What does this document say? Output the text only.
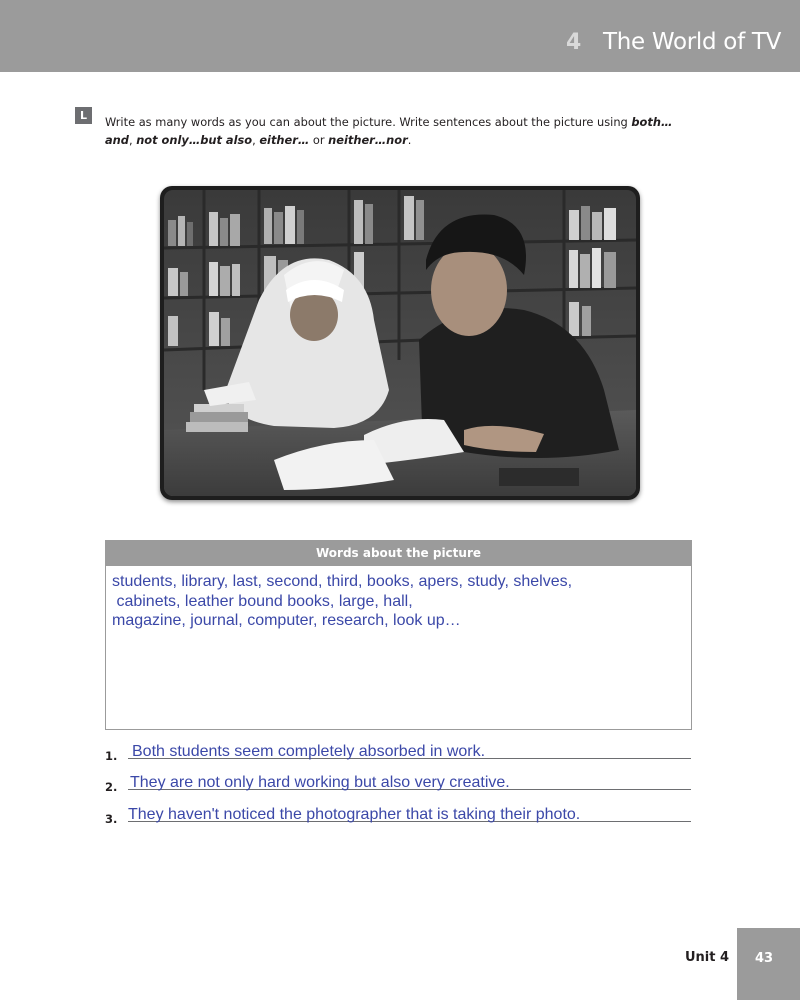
4 The World of TV
L	Write as many words as you can about the picture. Write sentences about the picture using both… and, not only…but also, either… or neither…nor.
Words about the picture
students, library, last, second, third, books, apers, study, shelves,
cabinets, leather bound books, large, hall,
magazine, journal, computer, research, look up…
1. Both students seem completely absorbed in work.
2. They are not only hard working but also very creative.
3. They haven't noticed the photographer that is taking their photo.
Unit 4 43
